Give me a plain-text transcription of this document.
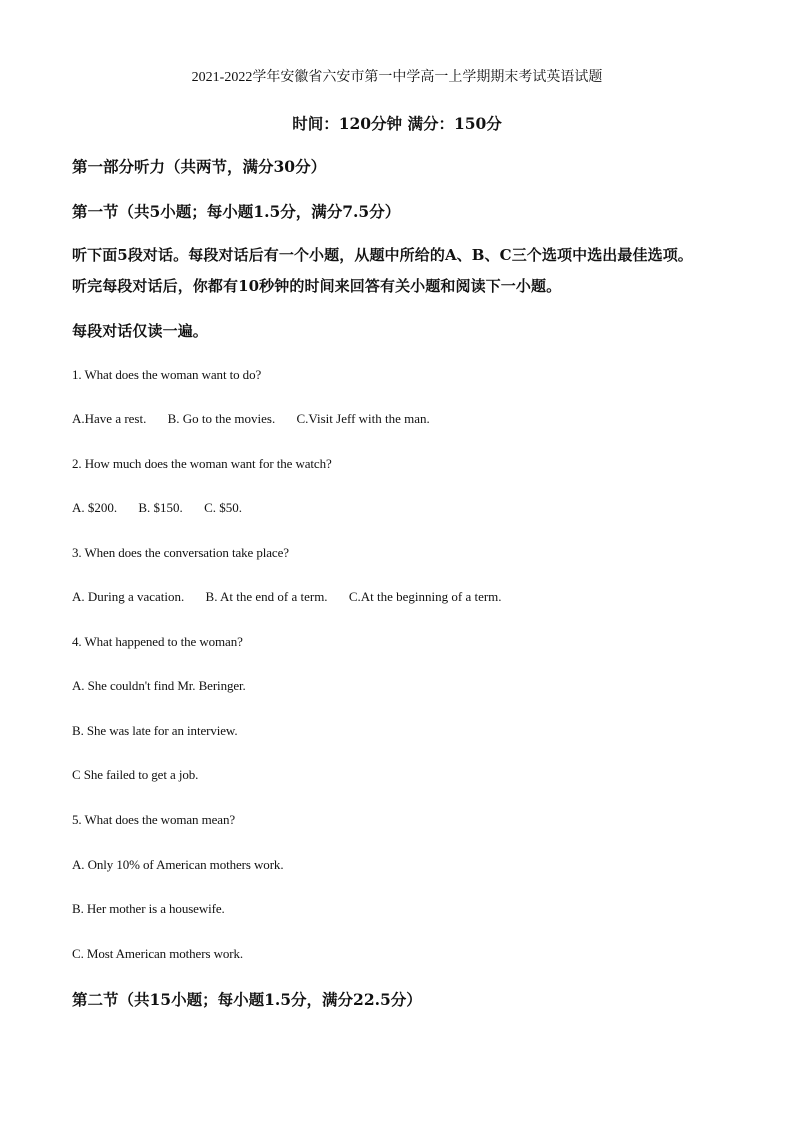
2021-2022学年安徽省六安市第一中学高一上学期期末考试英语试题
时间：120分钟 满分：150分
第一部分听力（共两节，满分30分）
第一节（共5小题；每小题1.5分，满分7.5分）
听下面5段对话。每段对话后有一个小题，从题中所给的A、B、C三个选项中选出最佳选项。
听完每段对话后，你都有10秒钟的时间来回答有关小题和阅读下一小题。
每段对话仅读一遍。
1. What does the woman want to do?
A.Have a rest. B. Go to the movies. C.Visit Jeff with the man.
2. How much does the woman want for the watch?
A. $200. B. $150. C. $50.
3. When does the conversation take place?
A. During a vacation. B. At the end of a term. C.At the beginning of a term.
4. What happened to the woman?
A. She couldn't find Mr. Beringer.
B. She was late for an interview.
C She failed to get a job.
5. What does the woman mean?
A. Only 10% of American mothers work.
B. Her mother is a housewife.
C. Most American mothers work.
第二节（共15小题；每小题1.5分，满分22.5分）
